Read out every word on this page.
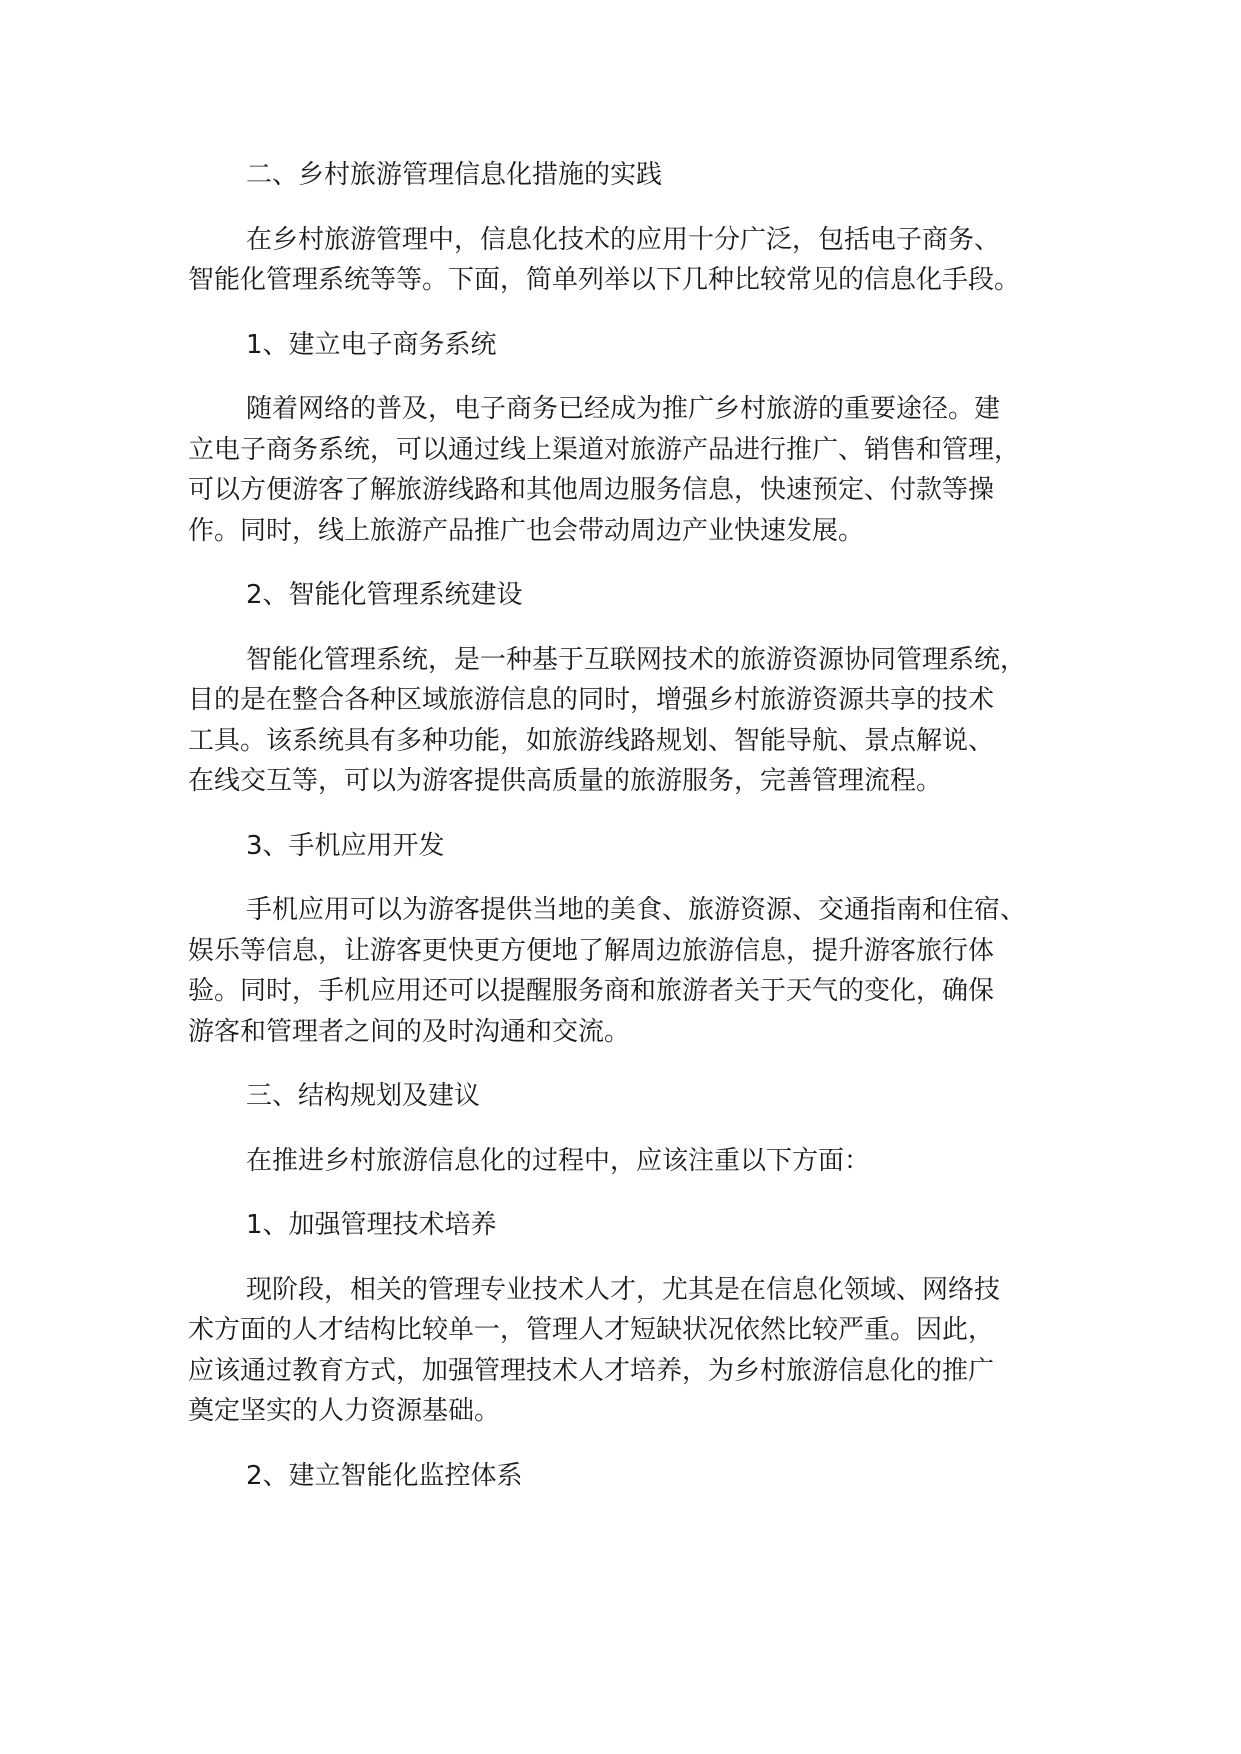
二、乡村旅游管理信息化措施的实践

在乡村旅游管理中，信息化技术的应用十分广泛，包括电子商务、
智能化管理系统等等。下面，简单列举以下几种比较常见的信息化手段。

1、建立电子商务系统

随着网络的普及，电子商务已经成为推广乡村旅游的重要途径。建
立电子商务系统，可以通过线上渠道对旅游产品进行推广、销售和管理，
可以方便游客了解旅游线路和其他周边服务信息，快速预定、付款等操
作。同时，线上旅游产品推广也会带动周边产业快速发展。

2、智能化管理系统建设

智能化管理系统，是一种基于互联网技术的旅游资源协同管理系统，
目的是在整合各种区域旅游信息的同时，增强乡村旅游资源共享的技术
工具。该系统具有多种功能，如旅游线路规划、智能导航、景点解说、
在线交互等，可以为游客提供高质量的旅游服务，完善管理流程。

3、手机应用开发

手机应用可以为游客提供当地的美食、旅游资源、交通指南和住宿、
娱乐等信息，让游客更快更方便地了解周边旅游信息，提升游客旅行体
验。同时，手机应用还可以提醒服务商和旅游者关于天气的变化，确保
游客和管理者之间的及时沟通和交流。

三、结构规划及建议

在推进乡村旅游信息化的过程中，应该注重以下方面：

1、加强管理技术培养

现阶段，相关的管理专业技术人才，尤其是在信息化领域、网络技
术方面的人才结构比较单一，管理人才短缺状况依然比较严重。因此，
应该通过教育方式，加强管理技术人才培养，为乡村旅游信息化的推广
奠定坚实的人力资源基础。

2、建立智能化监控体系
